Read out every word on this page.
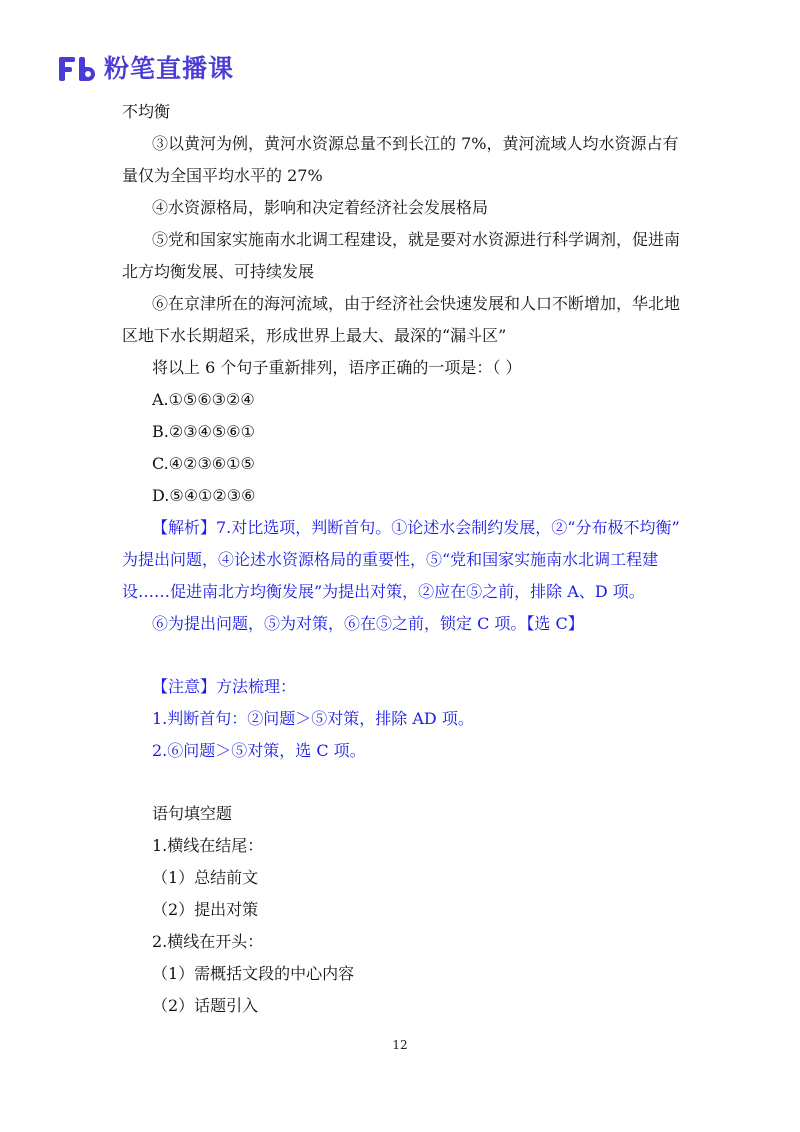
粉笔直播课
不均衡
③以黄河为例，黄河水资源总量不到长江的 7%，黄河流域人均水资源占有
量仅为全国平均水平的 27%
④水资源格局，影响和决定着经济社会发展格局
⑤党和国家实施南水北调工程建设，就是要对水资源进行科学调剂，促进南
北方均衡发展、可持续发展
⑥在京津所在的海河流域，由于经济社会快速发展和人口不断增加，华北地
区地下水长期超采，形成世界上最大、最深的“漏斗区”
将以上 6 个句子重新排列，语序正确的一项是：（ ）
A.①⑤⑥③②④
B.②③④⑤⑥①
C.④②③⑥①⑤
D.⑤④①②③⑥
【解析】7.对比选项，判断首句。①论述水会制约发展，②“分布极不均衡”
为提出问题，④论述水资源格局的重要性，⑤“党和国家实施南水北调工程建
设……促进南北方均衡发展”为提出对策，②应在⑤之前，排除 A、D 项。
⑥为提出问题，⑤为对策，⑥在⑤之前，锁定 C 项。【选 C】
【注意】方法梳理：
1.判断首句：②问题＞⑤对策，排除 AD 项。
2.⑥问题＞⑤对策，选 C 项。
语句填空题
1.横线在结尾：
（1）总结前文
（2）提出对策
2.横线在开头：
（1）需概括文段的中心内容
（2）话题引入
12
